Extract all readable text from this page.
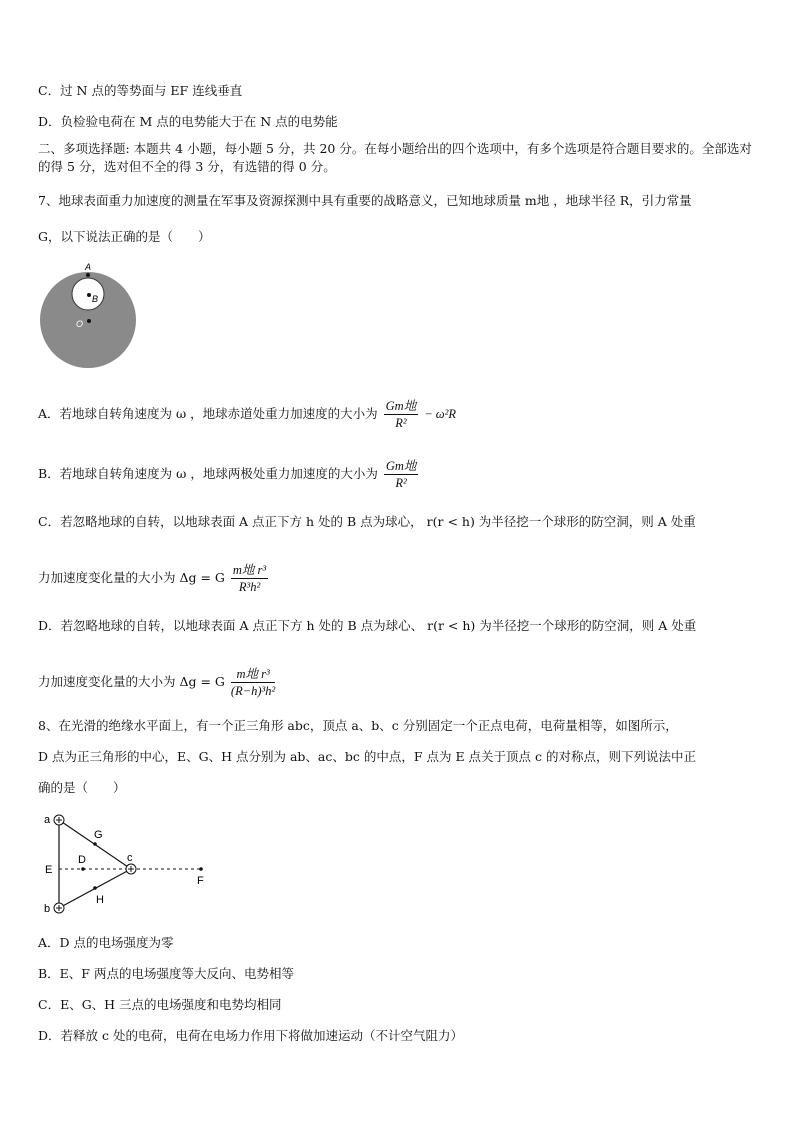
C．过 N 点的等势面与 EF 连线垂直
D．负检验电荷在 M 点的电势能大于在 N 点的电势能
二、多项选择题: 本题共 4 小题，每小题 5 分，共 20 分。在每小题给出的四个选项中，有多个选项是符合题目要求的。全部选对的得 5 分，选对但不全的得 3 分，有选错的得 0 分。
7、地球表面重力加速度的测量在军事及资源探测中具有重要的战略意义，已知地球质量 m地 ，地球半径 R，引力常量
G，以下说法正确的是（　　）
A
B
O
A．若地球自转角速度为 ω ，地球赤道处重力加速度的大小为 $\frac{\text{Gm地}}{\text{R²}} - \omega^2R$
B．若地球自转角速度为 ω ，地球两极处重力加速度的大小为 $\frac{\text{Gm地}}{\text{R²}}$
C．若忽略地球的自转，以地球表面 A 点正下方 h 处的 B 点为球心， r(r < h) 为半径挖一个球形的防空洞，则 A 处重
力加速度变化量的大小为 Δg = G $\frac{\text{m地 r³}}{\text{R³h²}}$
D．若忽略地球的自转，以地球表面 A 点正下方 h 处的 B 点为球心、 r(r < h) 为半径挖一个球形的防空洞，则 A 处重
力加速度变化量的大小为 Δg = G $\frac{\text{m地 r³}}{\text{(R−h)³h²}}$
8、在光滑的绝缘水平面上，有一个正三角形 abc，顶点 a、b、c 分别固定一个正点电荷，电荷量相等，如图所示，
D 点为正三角形的中心，E、G、H 点分别为 ab、ac、bc 的中点，F 点为 E 点关于顶点 c 的对称点，则下列说法中正
确的是（　　）
a
b
c
D
E
F
G
H
A．D 点的电场强度为零
B．E、F 两点的电场强度等大反向、电势相等
C．E、G、H 三点的电场强度和电势均相同
D．若释放 c 处的电荷，电荷在电场力作用下将做加速运动（不计空气阻力）
